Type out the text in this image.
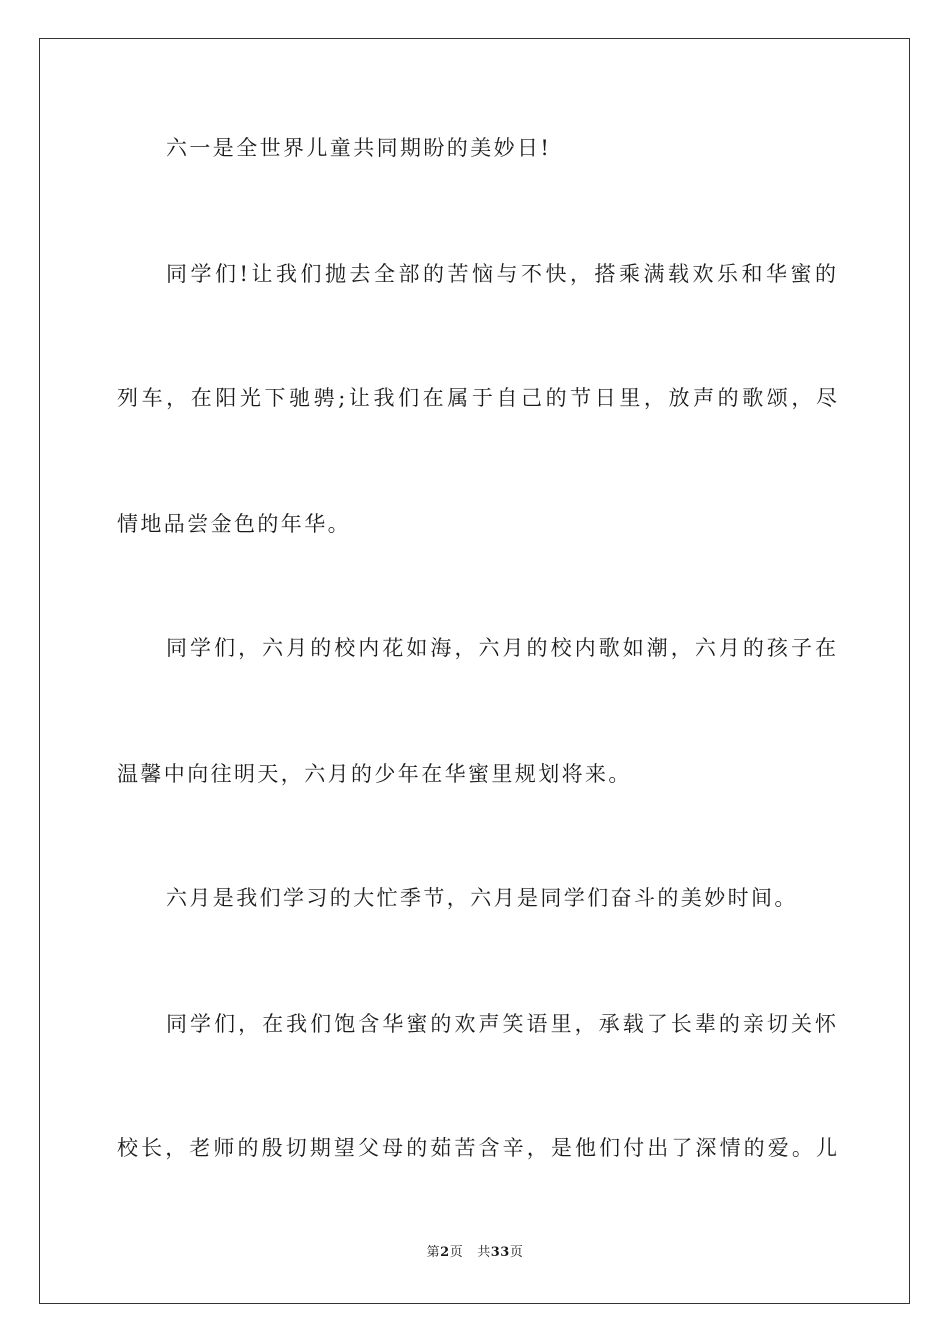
六一是全世界儿童共同期盼的美妙日!
同学们!让我们抛去全部的苦恼与不快，搭乘满载欢乐和华蜜的
列车，在阳光下驰骋;让我们在属于自己的节日里，放声的歌颂，尽
情地品尝金色的年华。
同学们，六月的校内花如海，六月的校内歌如潮，六月的孩子在
温馨中向往明天，六月的少年在华蜜里规划将来。
六月是我们学习的大忙季节，六月是同学们奋斗的美妙时间。
同学们，在我们饱含华蜜的欢声笑语里，承载了长辈的亲切关怀
校长，老师的殷切期望父母的茹苦含辛，是他们付出了深情的爱。儿
第2页 共33页
